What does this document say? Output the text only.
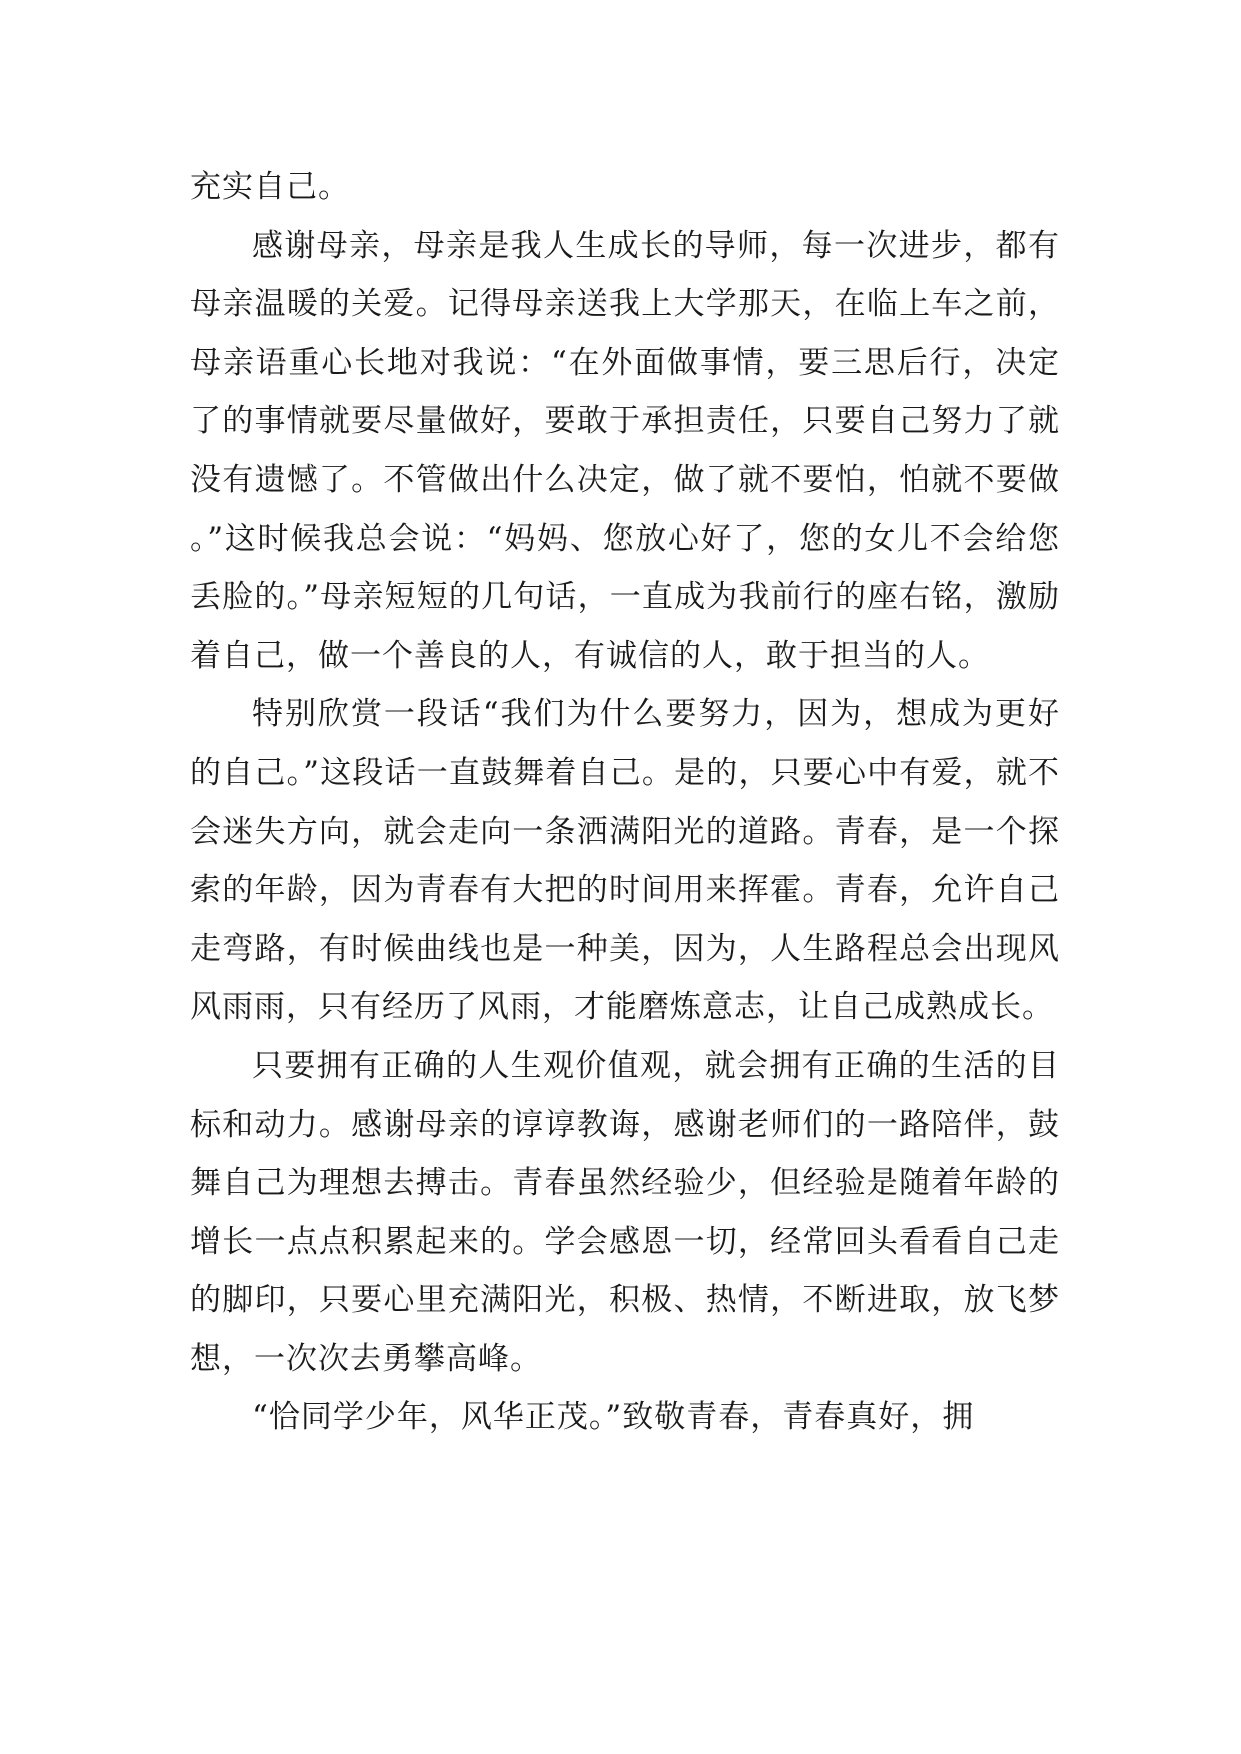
充实自己。

感谢母亲，母亲是我人生成长的导师，每一次进步，都有母亲温暖的关爱。记得母亲送我上大学那天，在临上车之前，母亲语重心长地对我说：“在外面做事情，要三思后行，决定了的事情就要尽量做好，要敢于承担责任，只要自己努力了就没有遗憾了。不管做出什么决定，做了就不要怕，怕就不要做。”这时候我总会说：“妈妈、您放心好了，您的女儿不会给您丢脸的。”母亲短短的几句话，一直成为我前行的座右铭，激励着自己，做一个善良的人，有诚信的人，敢于担当的人。

特别欣赏一段话“我们为什么要努力，因为，想成为更好的自己。”这段话一直鼓舞着自己。是的，只要心中有爱，就不会迷失方向，就会走向一条洒满阳光的道路。青春，是一个探索的年龄，因为青春有大把的时间用来挥霍。青春，允许自己走弯路，有时候曲线也是一种美，因为，人生路程总会出现风风雨雨，只有经历了风雨，才能磨炼意志，让自己成熟成长。

只要拥有正确的人生观价值观，就会拥有正确的生活的目标和动力。感谢母亲的谆谆教诲，感谢老师们的一路陪伴，鼓舞自己为理想去搏击。青春虽然经验少，但经验是随着年龄的增长一点点积累起来的。学会感恩一切，经常回头看看自己走的脚印，只要心里充满阳光，积极、热情，不断进取，放飞梦想，一次次去勇攀高峰。

“恰同学少年，风华正茂。”致敬青春，青春真好，拥
